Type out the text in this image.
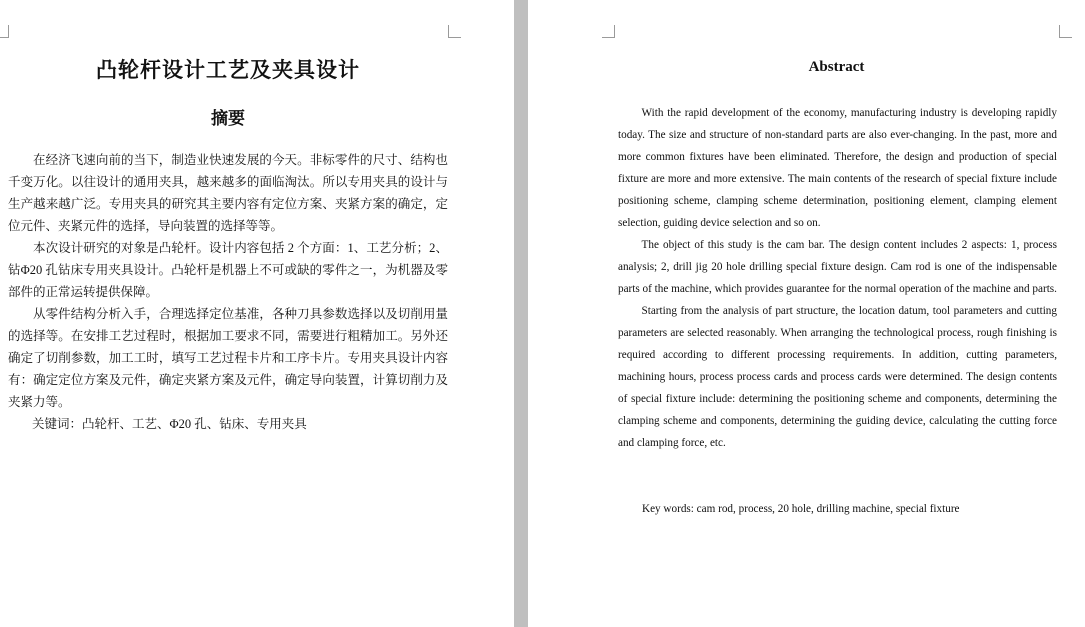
凸轮杆设计工艺及夹具设计
摘要

在经济飞速向前的当下，制造业快速发展的今天。非标零件的尺寸、结构也千变万化。以往设计的通用夹具，越来越多的面临淘汰。所以专用夹具的设计与生产越来越广泛。专用夹具的研究其主要内容有定位方案、夹紧方案的确定，定位元件、夹紧元件的选择，导向装置的选择等等。

本次设计研究的对象是凸轮杆。设计内容包括 2 个方面：1、工艺分析；2、钻Φ20 孔钻床专用夹具设计。凸轮杆是机器上不可或缺的零件之一，为机器及零部件的正常运转提供保障。

从零件结构分析入手，合理选择定位基准，各种刀具参数选择以及切削用量的选择等。在安排工艺过程时，根据加工要求不同，需要进行粗精加工。另外还确定了切削参数，加工工时，填写工艺过程卡片和工序卡片。专用夹具设计内容有：确定定位方案及元件，确定夹紧方案及元件，确定导向装置，计算切削力及夹紧力等。

关键词：凸轮杆、工艺、Φ20 孔、钻床、专用夹具
Abstract

With the rapid development of the economy, manufacturing industry is developing rapidly today. The size and structure of non-standard parts are also ever-changing. In the past, more and more common fixtures have been eliminated. Therefore, the design and production of special fixture are more and more extensive. The main contents of the research of special fixture include positioning scheme, clamping scheme determination, positioning element, clamping element selection, guiding device selection and so on.

The object of this study is the cam bar. The design content includes 2 aspects: 1, process analysis; 2, drill jig 20 hole drilling special fixture design. Cam rod is one of the indispensable parts of the machine, which provides guarantee for the normal operation of the machine and parts.

Starting from the analysis of part structure, the location datum, tool parameters and cutting parameters are selected reasonably. When arranging the technological process, rough finishing is required according to different processing requirements. In addition, cutting parameters, machining hours, process process cards and process cards were determined. The design contents of special fixture include: determining the positioning scheme and components, determining the clamping scheme and components, determining the guiding device, calculating the cutting force and clamping force, etc.

Key words: cam rod, process, 20 hole, drilling machine, special fixture
